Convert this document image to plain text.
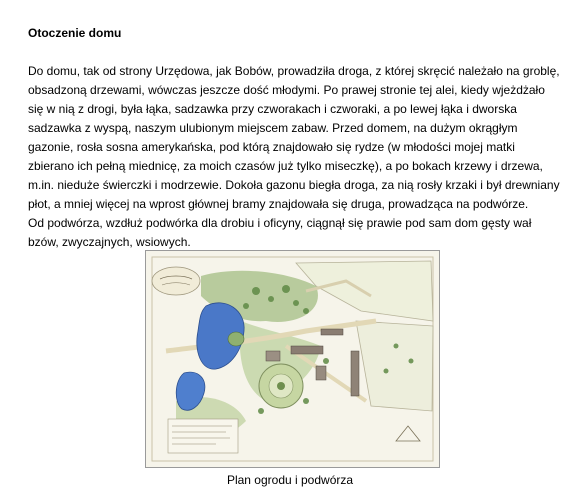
Otoczenie domu
Do domu, tak od strony Urzędowa, jak Bobów, prowadziła droga, z której skręcić należało na groblę,
obsadzoną drzewami, wówczas jeszcze dość młodymi. Po prawej stronie tej alei, kiedy wjeżdżało
się w nią z drogi, była łąka, sadzawka przy czworakach i czworaki, a po lewej łąka i dworska
sadzawka z wyspą, naszym ulubionym miejscem zabaw. Przed domem, na dużym okrągłym
gazonie, rosła sosna amerykańska, pod którą znajdowało się rydze (w młodości mojej matki
zbierano ich pełną miednicę, za moich czasów już tylko miseczkę), a po bokach krzewy i drzewa,
m.in. nieduże świerczki i modrzewie. Dokoła gazonu biegła droga, za nią rosły krzaki i był drewniany
płot, a mniej więcej na wprost głównej bramy znajdowała się druga, prowadząca na podwórze.
Od podwórza, wzdłuż podwórka dla drobiu i oficyny, ciągnął się prawie pod sam dom gęsty wał
bzów, zwyczajnych, wsiowych.
Plan ogrodu i podwórza
